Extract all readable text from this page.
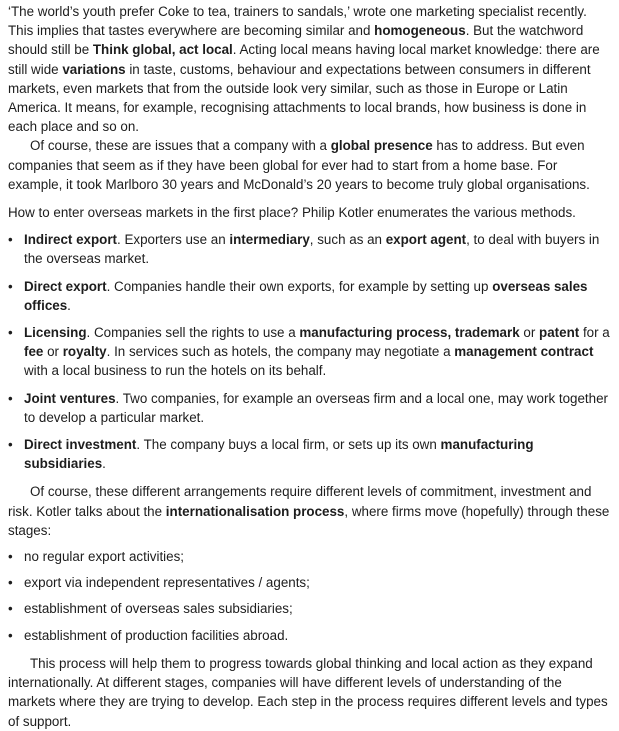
‘The world’s youth prefer Coke to tea, trainers to sandals,’ wrote one marketing specialist recently. This implies that tastes everywhere are becoming similar and homogeneous. But the watchword should still be Think global, act local. Acting local means having local market knowledge: there are still wide variations in taste, customs, behaviour and expectations between consumers in different markets, even markets that from the outside look very similar, such as those in Europe or Latin America. It means, for example, recognising attachments to local brands, how business is done in each place and so on.

Of course, these are issues that a company with a global presence has to address. But even companies that seem as if they have been global for ever had to start from a home base. For example, it took Marlboro 30 years and McDonald’s 20 years to become truly global organisations.

How to enter overseas markets in the first place? Philip Kotler enumerates the various methods.

• Indirect export. Exporters use an intermediary, such as an export agent, to deal with buyers in the overseas market.
• Direct export. Companies handle their own exports, for example by setting up overseas sales offices.
• Licensing. Companies sell the rights to use a manufacturing process, trademark or patent for a fee or royalty. In services such as hotels, the company may negotiate a management contract with a local business to run the hotels on its behalf.
• Joint ventures. Two companies, for example an overseas firm and a local one, may work together to develop a particular market.
• Direct investment. The company buys a local firm, or sets up its own manufacturing subsidiaries.

Of course, these different arrangements require different levels of commitment, investment and risk. Kotler talks about the internationalisation process, where firms move (hopefully) through these stages:

• no regular export activities;
• export via independent representatives / agents;
• establishment of overseas sales subsidiaries;
• establishment of production facilities abroad.

This process will help them to progress towards global thinking and local action as they expand internationally. At different stages, companies will have different levels of understanding of the markets where they are trying to develop. Each step in the process requires different levels and types of support.
